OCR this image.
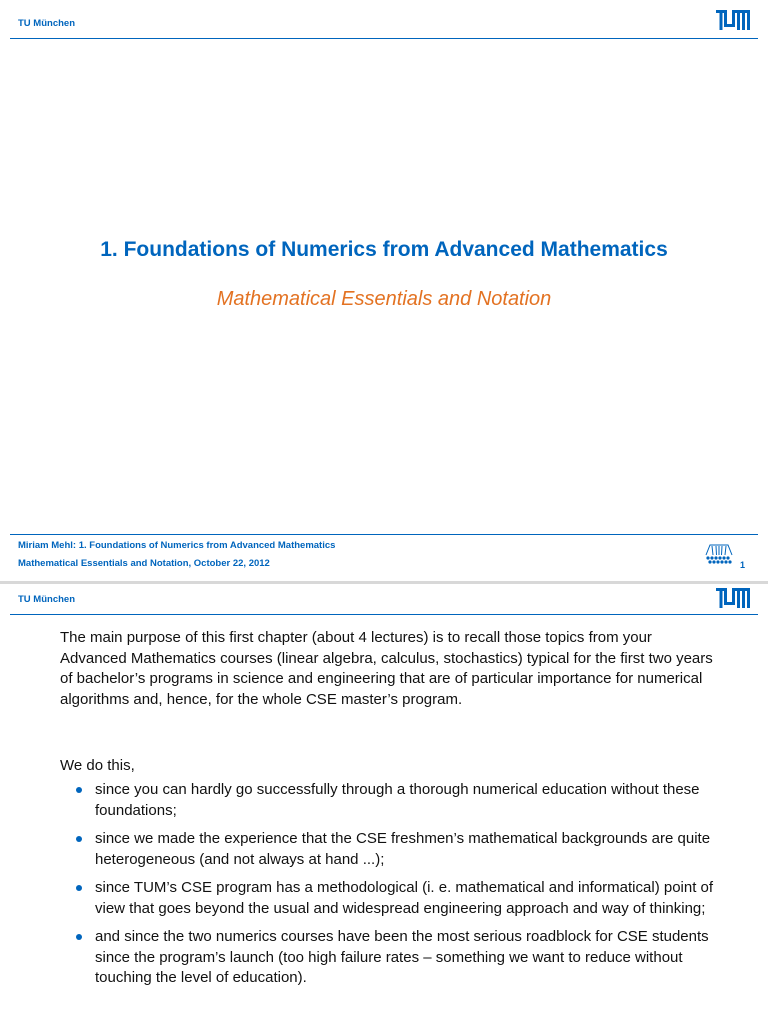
TU München
1. Foundations of Numerics from Advanced Mathematics
Mathematical Essentials and Notation
Miriam Mehl: 1. Foundations of Numerics from Advanced Mathematics
Mathematical Essentials and Notation, October 22, 2012	1
TU München
The main purpose of this first chapter (about 4 lectures) is to recall those topics from your Advanced Mathematics courses (linear algebra, calculus, stochastics) typical for the first two years of bachelor’s programs in science and engineering that are of particular importance for numerical algorithms and, hence, for the whole CSE master’s program.
We do this,
since you can hardly go successfully through a thorough numerical education without these foundations;
since we made the experience that the CSE freshmen’s mathematical backgrounds are quite heterogeneous (and not always at hand ...);
since TUM’s CSE program has a methodological (i. e. mathematical and informatical) point of view that goes beyond the usual and widespread engineering approach and way of thinking;
and since the two numerics courses have been the most serious roadblock for CSE students since the program’s launch (too high failure rates – something we want to reduce without touching the level of education).
